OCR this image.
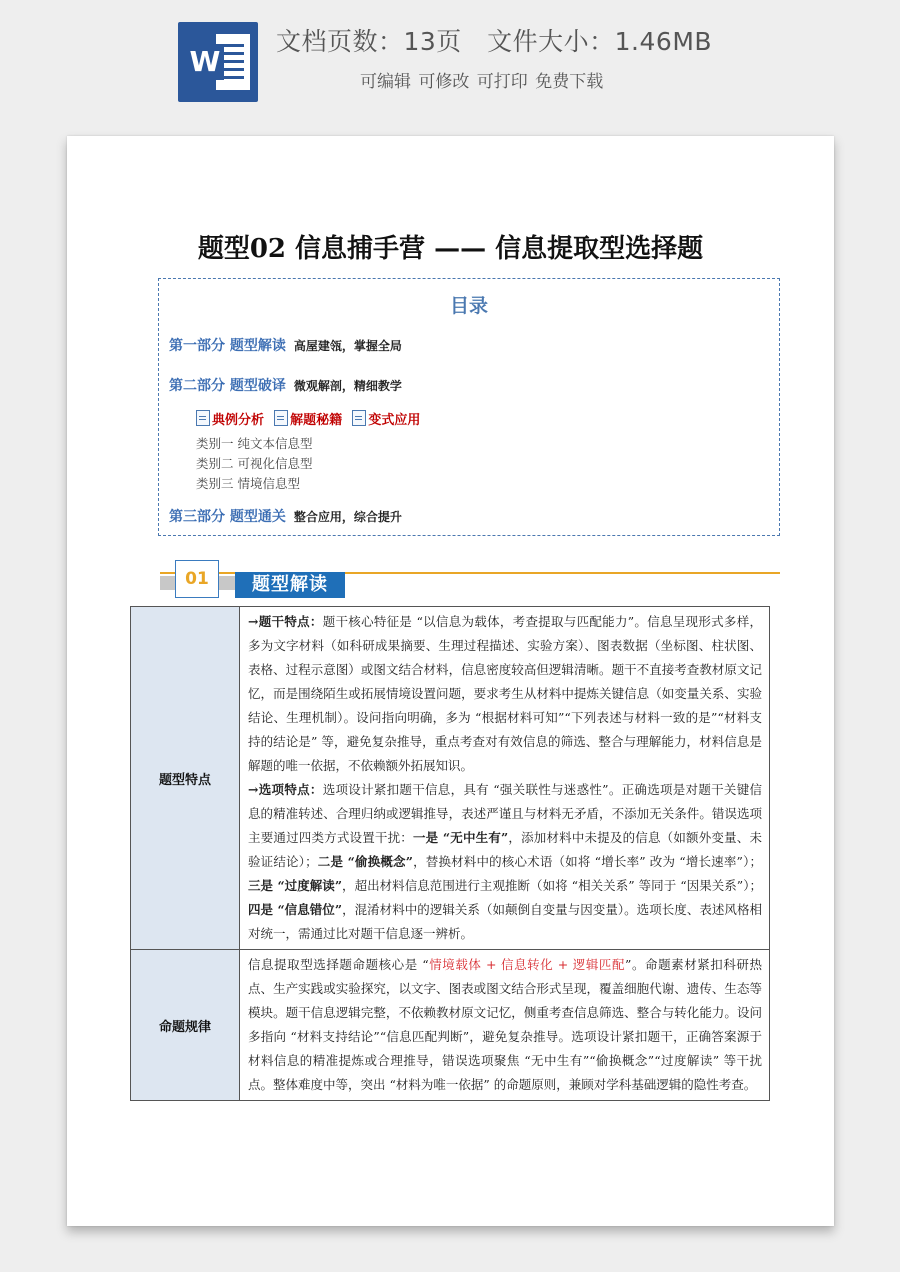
W
文档页数：13页   文件大小：1.46MB
可编辑 可修改 可打印 免费下载
题型02 信息捕手营 —— 信息提取型选择题
目录
第一部分 题型解读 高屋建瓴，掌握全局
第二部分 题型破译 微观解剖，精细教学
典例分析 解题秘籍 变式应用
类别一 纯文本信息型
类别二 可视化信息型
类别三 情境信息型
第三部分 题型通关 整合应用，综合提升
01	题型解读
题型特点	→题干特点：题干核心特征是 “以信息为载体，考查提取与匹配能力”。信息呈现形式多样，多为文字材料（如科研成果摘要、生理过程描述、实验方案）、图表数据（坐标图、柱状图、表格、过程示意图）或图文结合材料，信息密度较高但逻辑清晰。题干不直接考查教材原文记忆，而是围绕陌生或拓展情境设置问题，要求考生从材料中提炼关键信息（如变量关系、实验结论、生理机制）。设问指向明确，多为 “根据材料可知”“下列表述与材料一致的是”“材料支持的结论是” 等，避免复杂推导，重点考查对有效信息的筛选、整合与理解能力，材料信息是解题的唯一依据，不依赖额外拓展知识。
→选项特点：选项设计紧扣题干信息，具有 “强关联性与迷惑性”。正确选项是对题干关键信息的精准转述、合理归纳或逻辑推导，表述严谨且与材料无矛盾，不添加无关条件。错误选项主要通过四类方式设置干扰：一是 “无中生有”，添加材料中未提及的信息（如额外变量、未验证结论）；二是 “偷换概念”，替换材料中的核心术语（如将 “增长率” 改为 “增长速率”）；三是 “过度解读”，超出材料信息范围进行主观推断（如将 “相关关系” 等同于 “因果关系”）；四是 “信息错位”，混淆材料中的逻辑关系（如颠倒自变量与因变量）。选项长度、表述风格相对统一，需通过比对题干信息逐一辨析。

命题规律	信息提取型选择题命题核心是 “情境载体 + 信息转化 + 逻辑匹配”。命题素材紧扣科研热点、生产实践或实验探究，以文字、图表或图文结合形式呈现，覆盖细胞代谢、遗传、生态等模块。题干信息逻辑完整，不依赖教材原文记忆，侧重考查信息筛选、整合与转化能力。设问多指向 “材料支持结论”“信息匹配判断”，避免复杂推导。选项设计紧扣题干，正确答案源于材料信息的精准提炼或合理推导，错误选项聚焦 “无中生有”“偷换概念”“过度解读” 等干扰点。整体难度中等，突出 “材料为唯一依据” 的命题原则，兼顾对学科基础逻辑的隐性考查。
